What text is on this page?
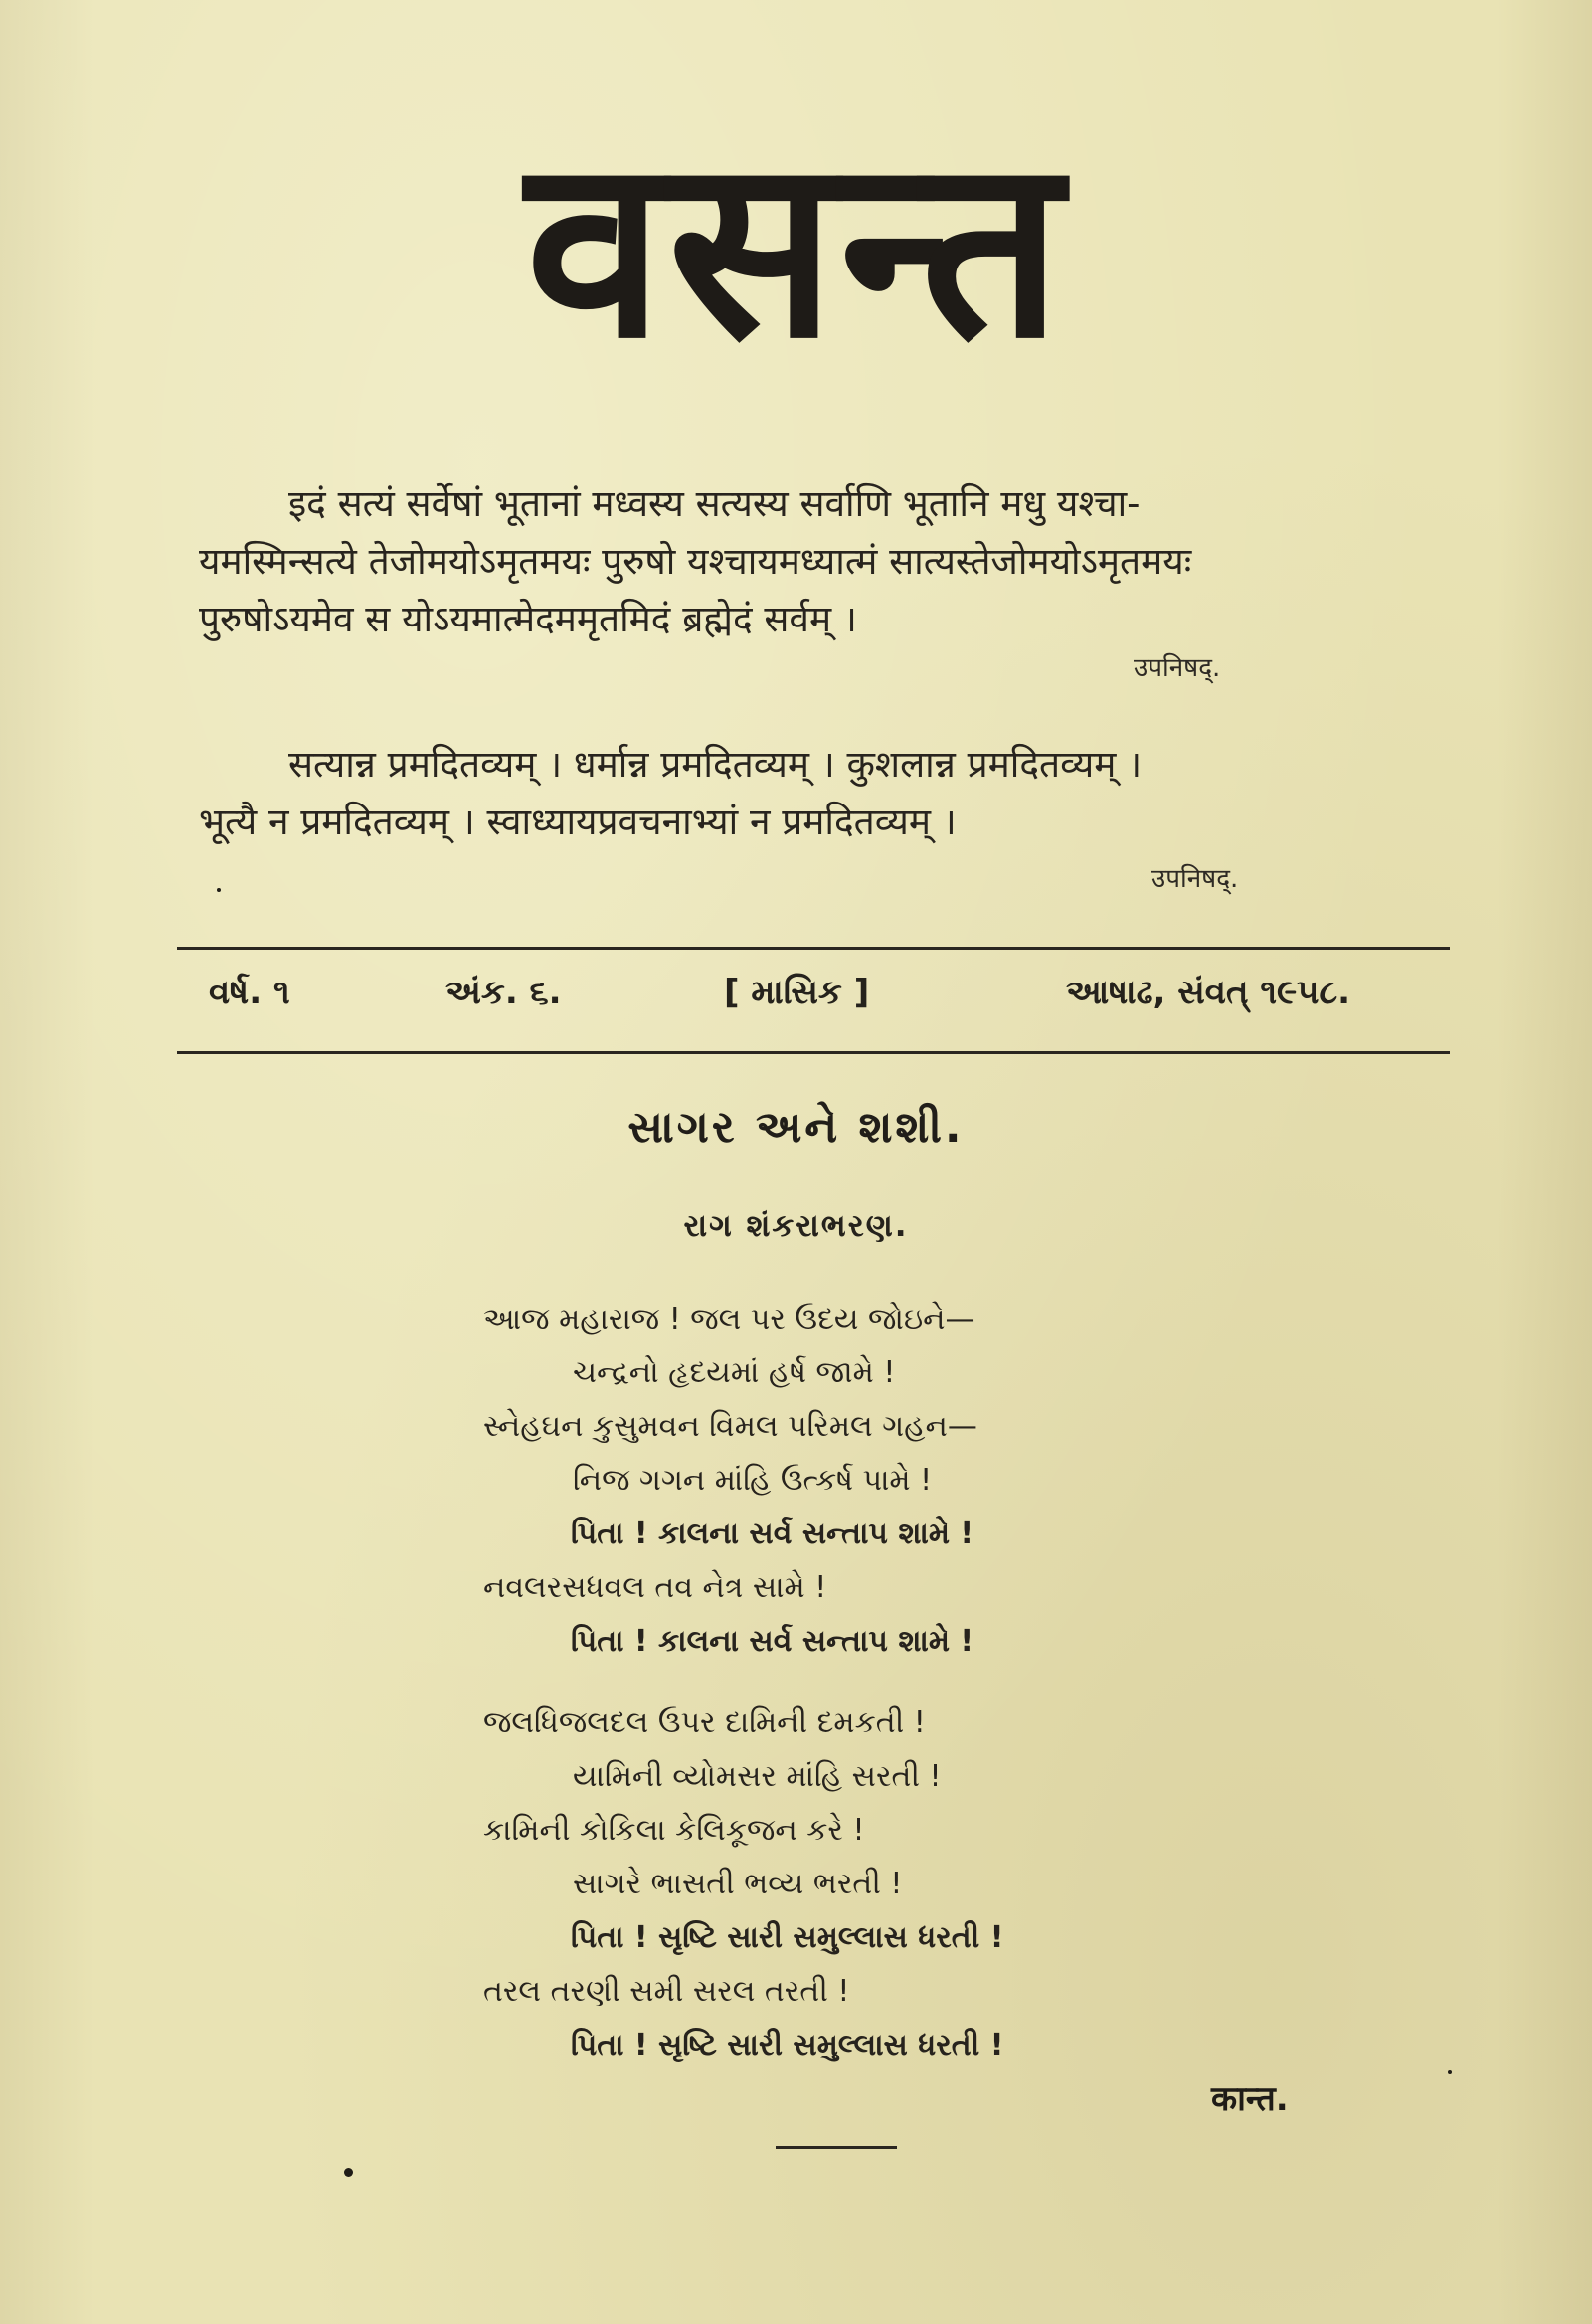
वसन्त
इदं सत्यं सर्वेषां भूतानां मध्वस्य सत्यस्य सर्वाणि भूतानि मधु यश्चा-
यमस्मिन्सत्ये तेजोमयोऽमृतमयः पुरुषो यश्चायमध्यात्मं सात्यस्तेजोमयोऽमृतमयः
पुरुषोऽयमेव स योऽयमात्मेदममृतमिदं ब्रह्मेदं सर्वम् ।
उपनिषद्.
सत्यान्न प्रमदितव्यम् । धर्मान्न प्रमदितव्यम् । कुशलान्न प्रमदितव्यम् ।
भूत्यै न प्रमदितव्यम् । स्वाध्यायप्रवचनाभ्यां न प्रमदितव्यम् ।
उपनिषद्.
વર્ષ. ૧	અંક. ૬.	[ માસિક ]	આષાઢ, સંવત્ ૧૯૫૮.
સાગર અને શશી.
રાગ શંકરાભરણ.
આજ મહારાજ ! જલ પર ઉદય જોઇને—
ચન્દ્રનો હૃદયમાં હર્ષ જામે !
સ્નેહઘન કુસુમવન વિમલ પરિમલ ગહન—
નિજ ગગન માંહિ ઉત્કર્ષ પામે !
પિતા ! કાલના સર્વ સન્તાપ શામે !
નવલરસધવલ તવ નેત્ર સામે !
પિતા ! કાલના સર્વ સન્તાપ શામે !
જલધિજલદલ ઉપર દામિની દમકતી !
યામિની વ્યોમસર માંહિ સરતી !
કામિની કોકિલા કેલિકૂજન કરે !
સાગરે ભાસતી ભવ્ય ભરતી !
પિતા ! સૃષ્ટિ સારી સમુલ્લાસ ધરતી !
તરલ તરણી સમી સરલ તરતી !
પિતા ! સૃષ્ટિ સારી સમુલ્લાસ ધરતી !
कान्त.
